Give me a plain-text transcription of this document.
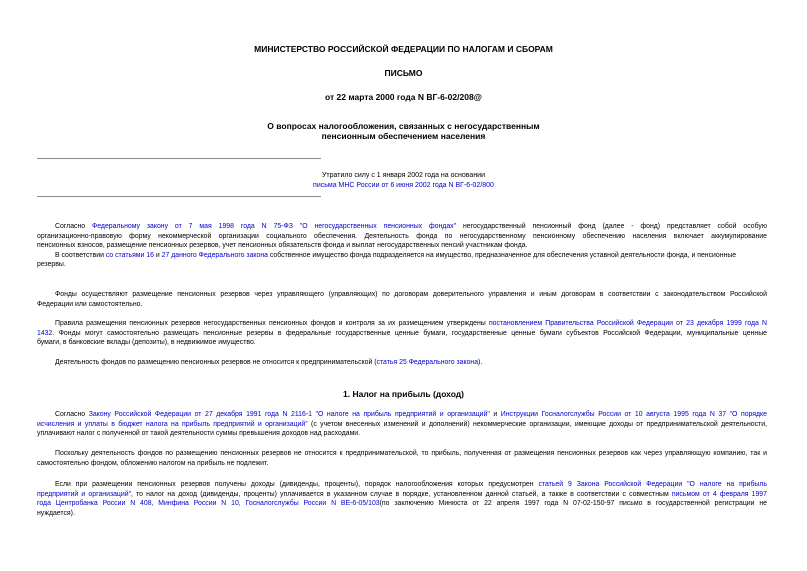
МИНИСТЕРСТВО РОССИЙСКОЙ ФЕДЕРАЦИИ ПО НАЛОГАМ И СБОРАМ
ПИСЬМО
от 22 марта 2000 года N ВГ-6-02/208@
О вопросах налогообложения, связанных с негосударственным
пенсионным обеспечением населения
Утратило силу с 1 января 2002 года на основании
письма МНС России от 6 июня 2002 года N ВГ-6-02/800
Согласно Федеральному закону от 7 мая 1998 года N 75-ФЗ "О негосударственных пенсионных фондах" негосударственный пенсионный фонд (далее - фонд) представляет собой особую
организационно-правовую форму некоммерческой организации социального обеспечения. Деятельность фонда по негосударственному пенсионному обеспечению населения включает аккумулирование
пенсионных взносов, размещение пенсионных резервов, учет пенсионных обязательств фонда и выплат негосударственных пенсий участникам фонда.
В соответствии со статьями 16 и 27 данного Федерального закона собственное имущество фонда подразделяется на имущество, предназначенное для обеспечения уставной деятельности фонда, и пенсионные
резервы.
Фонды осуществляют размещение пенсионных резервов через управляющего (управляющих) по договорам доверительного управления и иным договорам в соответствии с законодательством Российской
Федерации или самостоятельно.
Правила размещения пенсионных резервов негосударственных пенсионных фондов и контроля за их размещением утверждены постановлением Правительства Российской Федерации от 23 декабря 1999 года N
1432. Фонды могут самостоятельно размещать пенсионные резервы в федеральные государственные ценные бумаги, государственные ценные бумаги субъектов Российской Федерации, муниципальные ценные
бумаги, в банковские вклады (депозиты), в недвижимое имущество.
Деятельность фондов по размещению пенсионных резервов не относится к предпринимательской (статья 25 Федерального закона).
1. Налог на прибыль (доход)
Согласно Закону Российской Федерации от 27 декабря 1991 года N 2116-1 "О налоге на прибыль предприятий и организаций" и Инструкции Госналогслужбы России от 10 августа 1995 года N 37 "О порядке
исчисления и уплаты в бюджет налога на прибыль предприятий и организаций" (с учетом внесенных изменений и дополнений) некоммерческие организации, имеющие доходы от предпринимательской деятельности,
уплачивают налог с полученной от такой деятельности суммы превышения доходов над расходами.
Поскольку деятельность фондов по размещению пенсионных резервов не относится к предпринимательской, то прибыль, полученная от размещения пенсионных резервов как через управляющую компанию, так и
самостоятельно фондом, обложению налогом на прибыль не подлежит.
Если при размещении пенсионных резервов получены доходы (дивиденды, проценты), порядок налогообложения которых предусмотрен статьей 9 Закона Российской Федерации "О налоге на прибыль
предприятий и организаций", то налог на доход (дивиденды, проценты) уплачивается в указанном случае в порядке, установленном данной статьей, а также в соответствии с совместным письмом от 4 февраля 1997
года Центробанка России N 408, Минфина России N 10, Госналогслужбы России N ВЕ-6-05/103(по заключению Минюста от 22 апреля 1997 года N 07-02-150-97 письмо в государственной регистрации не
нуждается).
